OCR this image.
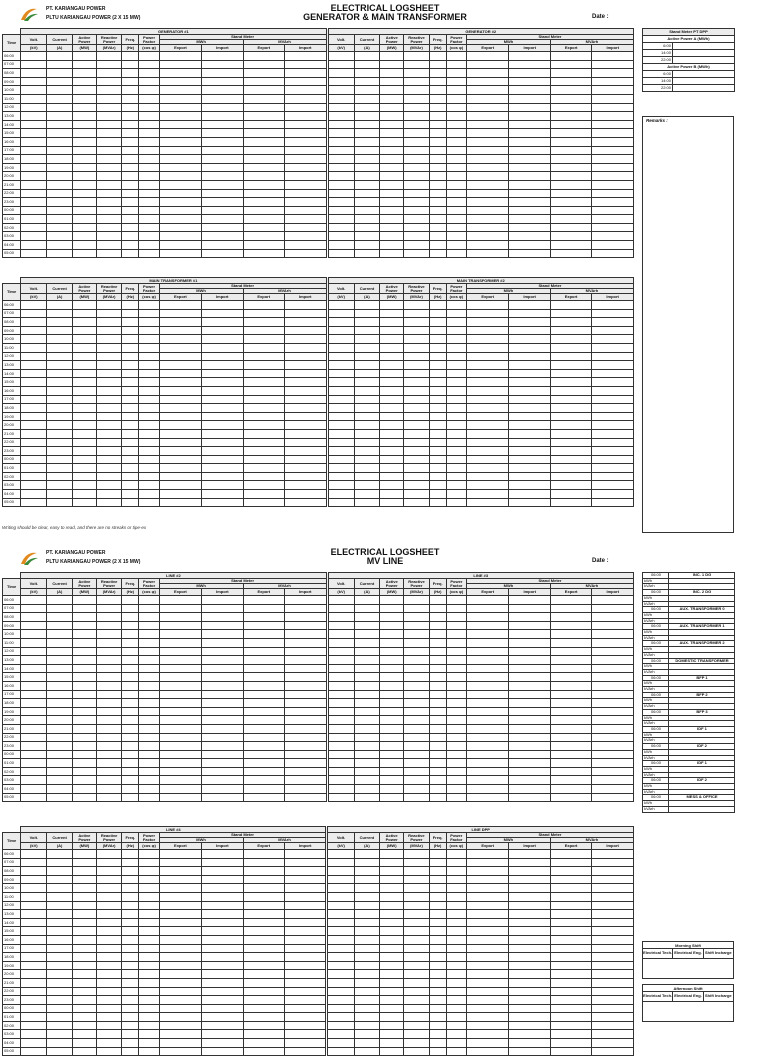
PT. KARIANGAU POWER
PLTU KARIANGAU POWER (2 X 15 MW)
ELECTRICAL LOGSHEET
GENERATOR & MAIN TRANSFORMER	Date :
	GENERATOR #1											GENERATOR #2									
Time	Volt.	Current	Active Power	Reactive Power	Freq.	Power Factor	Stand Meter					Volt.	Current	Active Power	Reactive Power	Freq.	Power Factor	Stand Meter			
							MWh		MVArh									MWh		MVArh	
	(kV)	(A)	(MW)	(MVAr)	(Hz)	(cos φ)	Export	Import	Export	Import		(kV)	(A)	(MW)	(MVAr)	(Hz)	(cos φ)	Export	Import	Export	Import
06:00																					
07:00																					
08:00																					
09:00																					
10:00																					
11:00																					
12:00																					
13:00																					
14:00																					
15:00																					
16:00																					
17:00																					
18:00																					
19:00																					
20:00																					
21:00																					
22:00																					
23:00																					
00:00																					
01:00																					
02:00																					
03:00																					
04:00																					
05:00																					
	MAIN TRANSFORMER #1											MAIN TRANSFORMER #2									
Time	Volt.	Current	Active Power	Reactive Power	Freq.	Power Factor	Stand Meter					Volt.	Current	Active Power	Reactive Power	Freq.	Power Factor	Stand Meter			
							MWh		MVArh									MWh		MVArh	
	(kV)	(A)	(MW)	(MVAr)	(Hz)	(cos φ)	Export	Import	Export	Import		(kV)	(A)	(MW)	(MVAr)	(Hz)	(cos φ)	Export	Import	Export	Import
06:00																					
07:00																					
08:00																					
09:00																					
10:00																					
11:00																					
12:00																					
13:00																					
14:00																					
15:00																					
16:00																					
17:00																					
18:00																					
19:00																					
20:00																					
21:00																					
22:00																					
23:00																					
00:00																					
01:00																					
02:00																					
03:00																					
04:00																					
05:00																					
Writing should be clear, easy to read, and there are no streaks or tipe-ex
Stand Meter PT DPP	
Active Power A (MWh)	
6:00	
14:00	
22:00	
Active Power B (MWh)	
6:00	
14:00	
22:00	
Remarks :
PT. KARIANGAU POWER
PLTU KARIANGAU POWER (2 X 15 MW)
ELECTRICAL LOGSHEET
MV LINE	Date :
	LINE #2											LINE #3									
Time	Volt.	Current	Active Power	Reactive Power	Freq.	Power Factor	Stand Meter					Volt.	Current	Active Power	Reactive Power	Freq.	Power Factor	Stand Meter			
							MWh		MVArh									MWh		MVArh	
	(kV)	(A)	(MW)	(MVAr)	(Hz)	(cos φ)	Export	Import	Export	Import		(kV)	(A)	(MW)	(MVAr)	(Hz)	(cos φ)	Export	Import	Export	Import
06:00																					
07:00																					
08:00																					
09:00																					
10:00																					
11:00																					
12:00																					
13:00																					
14:00																					
15:00																					
16:00																					
17:00																					
18:00																					
19:00																					
20:00																					
21:00																					
22:00																					
23:00																					
00:00																					
01:00																					
02:00																					
03:00																					
04:00																					
05:00																					
	LINE #4											LINE DPP									
Time	Volt.	Current	Active Power	Reactive Power	Freq.	Power Factor	Stand Meter					Volt.	Current	Active Power	Reactive Power	Freq.	Power Factor	Stand Meter			
							MWh		MVArh									MWh		MVArh	
	(kV)	(A)	(MW)	(MVAr)	(Hz)	(cos φ)	Export	Import	Export	Import		(kV)	(A)	(MW)	(MVAr)	(Hz)	(cos φ)	Export	Import	Export	Import
06:00																					
07:00																					
08:00																					
09:00																					
10:00																					
11:00																					
12:00																					
13:00																					
14:00																					
15:00																					
16:00																					
17:00																					
18:00																					
19:00																					
20:00																					
21:00																					
22:00																					
23:00																					
00:00																					
01:00																					
02:00																					
03:00																					
04:00																					
05:00																					
06:00	INC. 1 DG
kWh	
kVArh	
06:00	INC. 2 DG
kWh	
kVArh	
06:00	AUX. TRANSFORMER 0
kWh	
kVArh	
06:00	AUX. TRANSFORMER 1
kWh	
kVArh	
06:00	AUX. TRANSFORMER 2
kWh	
kVArh	
06:00	DOMESTIC TRANSFORMER
kWh	
kVArh	
06:00	BFP 1
kWh	
kVArh	
06:00	BFP 2
kWh	
kVArh	
06:00	BFP 3
kWh	
kVArh	
06:00	IDF 1
kWh	
kVArh	
06:00	IDF 2
kWh	
kVArh	
06:00	IDF 1
kWh	
kVArh	
06:00	IDF 2
kWh	
kVArh	
06:00	MESS & OFFICE
kWh	
kVArh	
Morning Shift
Electrical Tech. Electrical Eng. Shift Incharge
Afternoon Shift
Electrical Tech. Electrical Eng. Shift Incharge
